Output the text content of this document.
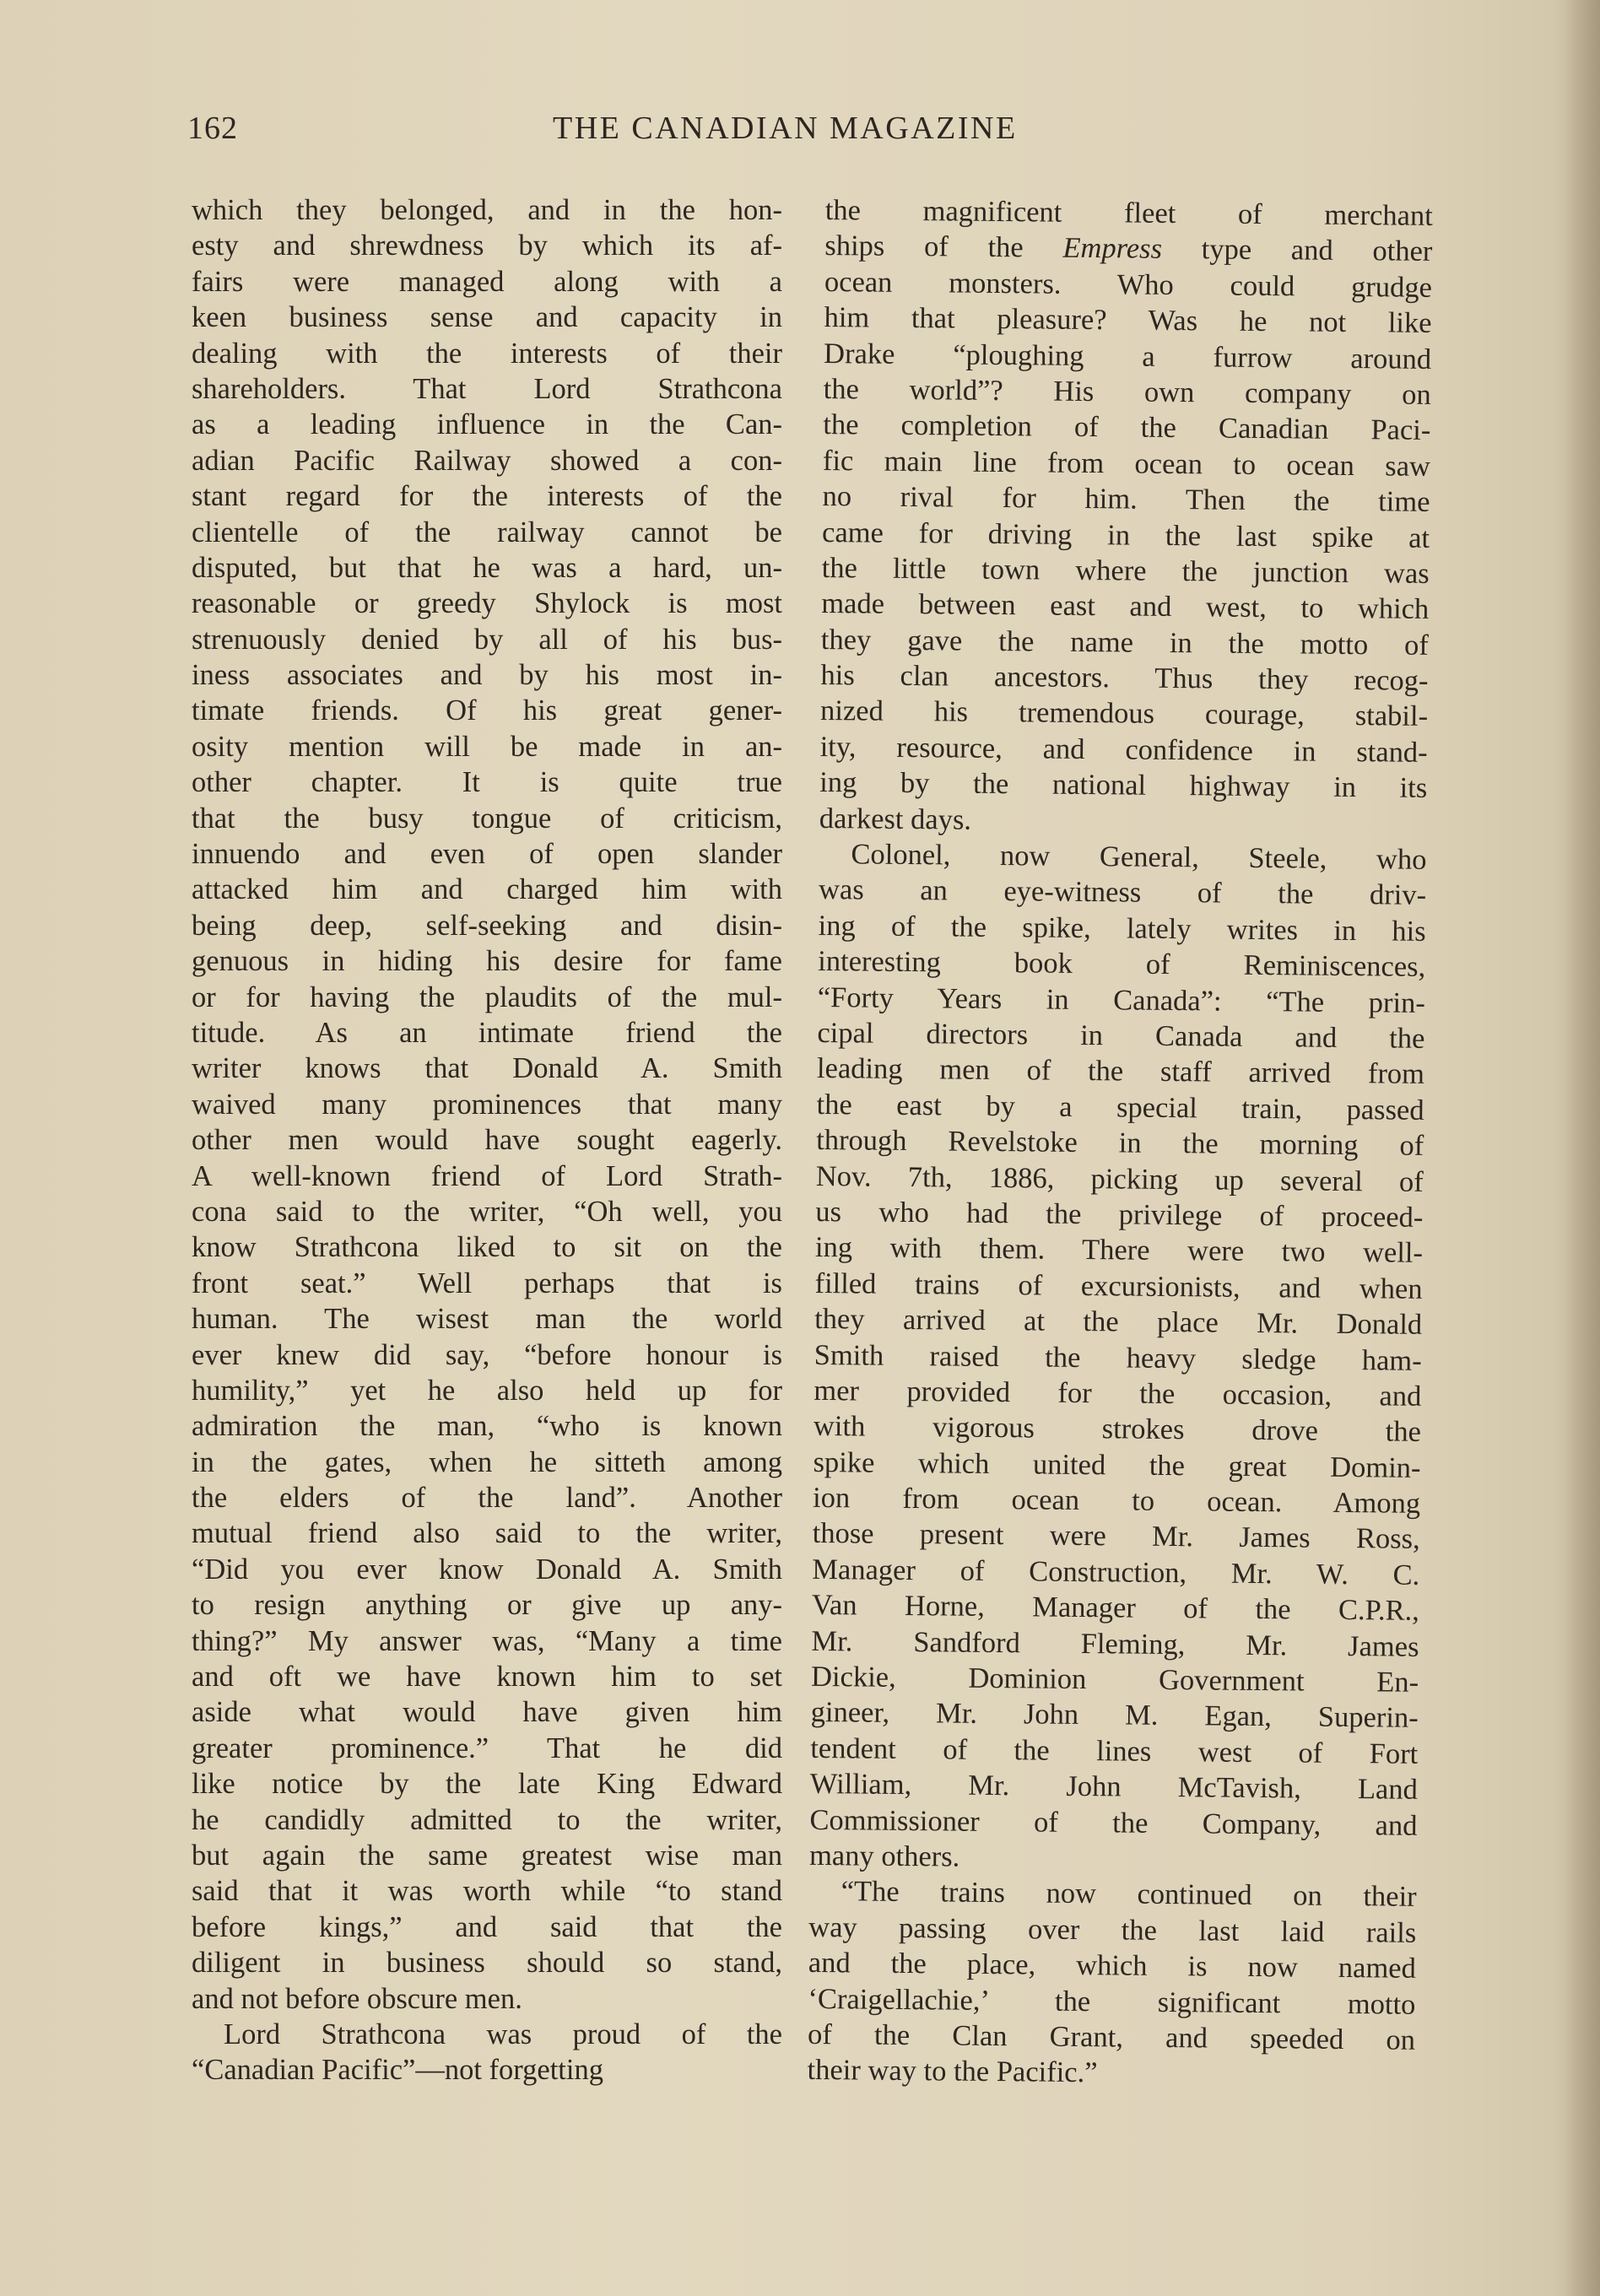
162	THE CANADIAN MAGAZINE
which they belonged, and in the hon-
esty and shrewdness by which its af-
fairs were managed along with a
keen business sense and capacity in
dealing with the interests of their
shareholders. That Lord Strathcona
as a leading influence in the Can-
adian Pacific Railway showed a con-
stant regard for the interests of the
clientelle of the railway cannot be
disputed, but that he was a hard, un-
reasonable or greedy Shylock is most
strenuously denied by all of his bus-
iness associates and by his most in-
timate friends. Of his great gener-
osity mention will be made in an-
other chapter. It is quite true
that the busy tongue of criticism,
innuendo and even of open slander
attacked him and charged him with
being deep, self-seeking and disin-
genuous in hiding his desire for fame
or for having the plaudits of the mul-
titude. As an intimate friend the
writer knows that Donald A. Smith
waived many prominences that many
other men would have sought eagerly.
A well-known friend of Lord Strath-
cona said to the writer, “Oh well, you
know Strathcona liked to sit on the
front seat.” Well perhaps that is
human. The wisest man the world
ever knew did say, “before honour is
humility,” yet he also held up for
admiration the man, “who is known
in the gates, when he sitteth among
the elders of the land”. Another
mutual friend also said to the writer,
“Did you ever know Donald A. Smith
to resign anything or give up any-
thing?” My answer was, “Many a time
and oft we have known him to set
aside what would have given him
greater prominence.” That he did
like notice by the late King Edward
he candidly admitted to the writer,
but again the same greatest wise man
said that it was worth while “to stand
before kings,” and said that the
diligent in business should so stand,
and not before obscure men.
Lord Strathcona was proud of the
“Canadian Pacific”—not forgetting
the magnificent fleet of merchant
ships of the Empress type and other
ocean monsters. Who could grudge
him that pleasure? Was he not like
Drake “ploughing a furrow around
the world”? His own company on
the completion of the Canadian Paci-
fic main line from ocean to ocean saw
no rival for him. Then the time
came for driving in the last spike at
the little town where the junction was
made between east and west, to which
they gave the name in the motto of
his clan ancestors. Thus they recog-
nized his tremendous courage, stabil-
ity, resource, and confidence in stand-
ing by the national highway in its
darkest days.
Colonel, now General, Steele, who
was an eye-witness of the driv-
ing of the spike, lately writes in his
interesting book of Reminiscences,
“Forty Years in Canada”: “The prin-
cipal directors in Canada and the
leading men of the staff arrived from
the east by a special train, passed
through Revelstoke in the morning of
Nov. 7th, 1886, picking up several of
us who had the privilege of proceed-
ing with them. There were two well-
filled trains of excursionists, and when
they arrived at the place Mr. Donald
Smith raised the heavy sledge ham-
mer provided for the occasion, and
with vigorous strokes drove the
spike which united the great Domin-
ion from ocean to ocean. Among
those present were Mr. James Ross,
Manager of Construction, Mr. W. C.
Van Horne, Manager of the C.P.R.,
Mr. Sandford Fleming, Mr. James
Dickie, Dominion Government En-
gineer, Mr. John M. Egan, Superin-
tendent of the lines west of Fort
William, Mr. John McTavish, Land
Commissioner of the Company, and
many others.
“The trains now continued on their
way passing over the last laid rails
and the place, which is now named
‘Craigellachie,’ the significant motto
of the Clan Grant, and speeded on
their way to the Pacific.”
